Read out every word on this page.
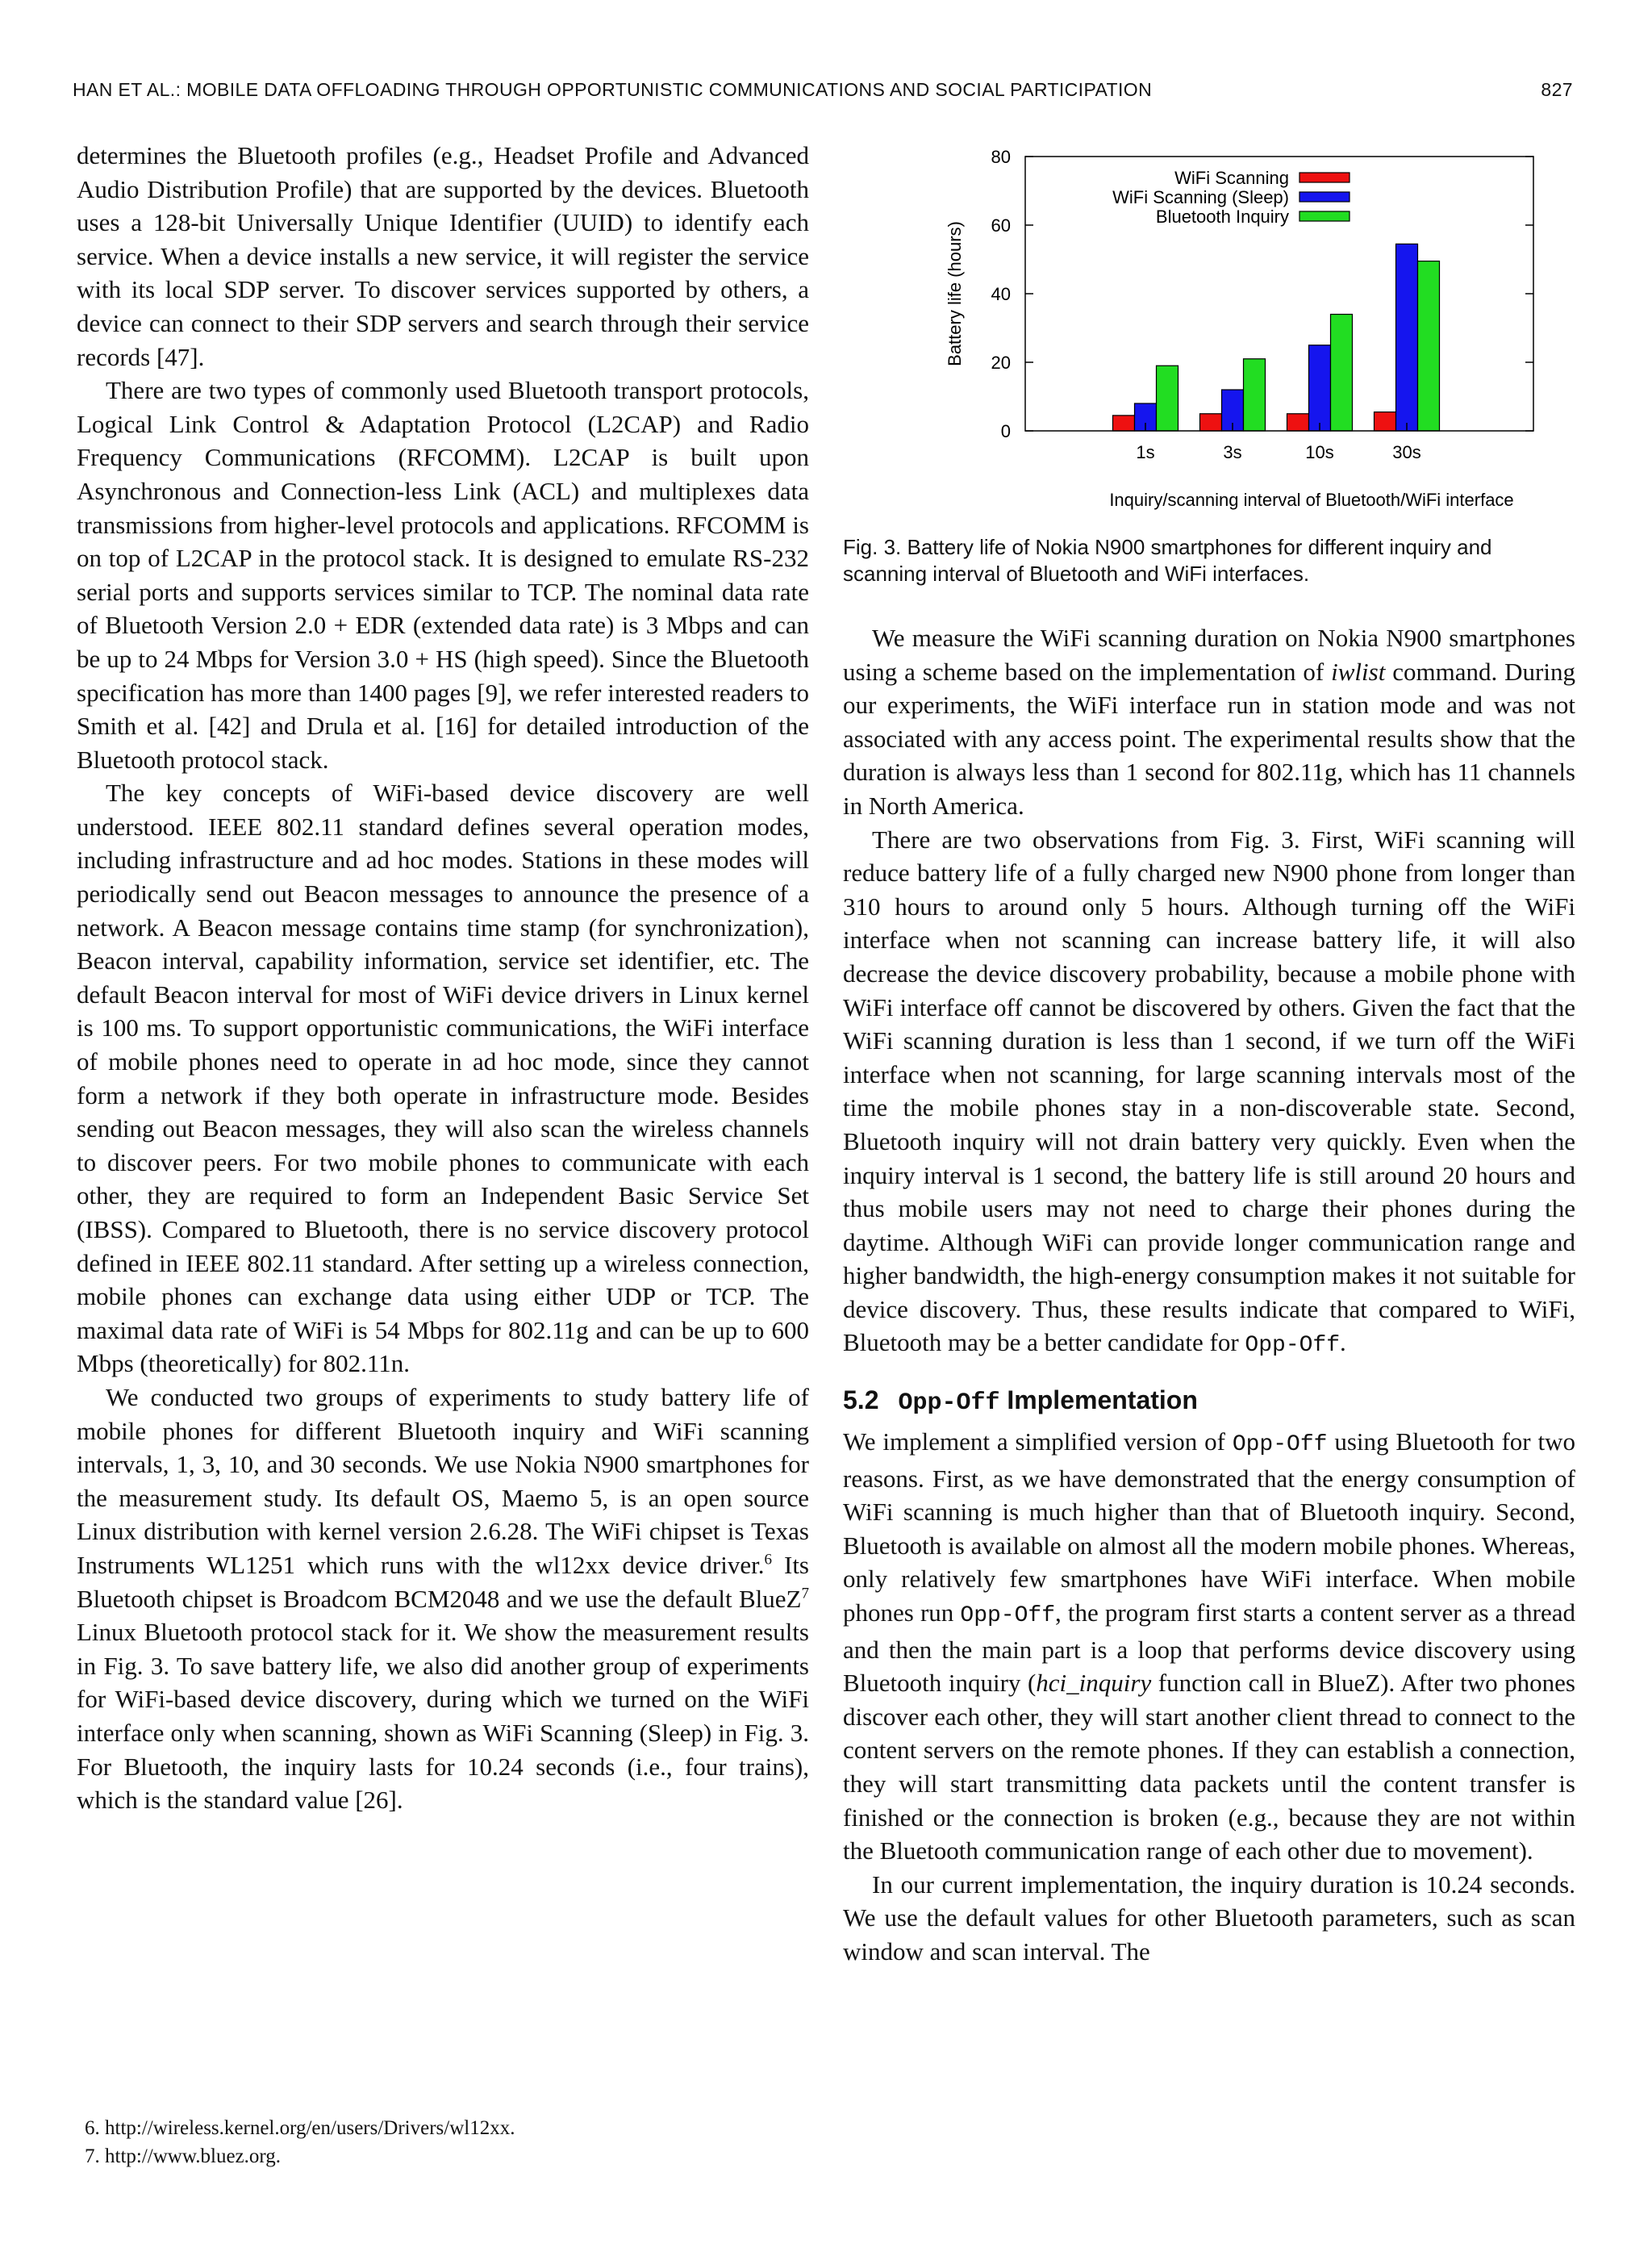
HAN ET AL.: MOBILE DATA OFFLOADING THROUGH OPPORTUNISTIC COMMUNICATIONS AND SOCIAL PARTICIPATION	827

determines the Bluetooth profiles (e.g., Headset Profile and Advanced Audio Distribution Profile) that are supported by the devices. Bluetooth uses a 128-bit Universally Unique Identifier (UUID) to identify each service. When a device installs a new service, it will register the service with its local SDP server. To discover services supported by others, a device can connect to their SDP servers and search through their service records [47].

There are two types of commonly used Bluetooth transport protocols, Logical Link Control & Adaptation Protocol (L2CAP) and Radio Frequency Communications (RFCOMM). L2CAP is built upon Asynchronous and Connection-less Link (ACL) and multiplexes data transmissions from higher-level protocols and applications. RFCOMM is on top of L2CAP in the protocol stack. It is designed to emulate RS-232 serial ports and supports services similar to TCP. The nominal data rate of Bluetooth Version 2.0 + EDR (extended data rate) is 3 Mbps and can be up to 24 Mbps for Version 3.0 + HS (high speed). Since the Bluetooth specification has more than 1400 pages [9], we refer interested readers to Smith et al. [42] and Drula et al. [16] for detailed introduction of the Bluetooth protocol stack.

The key concepts of WiFi-based device discovery are well understood. IEEE 802.11 standard defines several operation modes, including infrastructure and ad hoc modes. Stations in these modes will periodically send out Beacon messages to announce the presence of a network. A Beacon message contains time stamp (for synchronization), Beacon interval, capability information, service set identifier, etc. The default Beacon interval for most of WiFi device drivers in Linux kernel is 100 ms. To support opportunistic communications, the WiFi interface of mobile phones need to operate in ad hoc mode, since they cannot form a network if they both operate in infrastructure mode. Besides sending out Beacon messages, they will also scan the wireless channels to discover peers. For two mobile phones to communicate with each other, they are required to form an Independent Basic Service Set (IBSS). Compared to Bluetooth, there is no service discovery protocol defined in IEEE 802.11 standard. After setting up a wireless connection, mobile phones can exchange data using either UDP or TCP. The maximal data rate of WiFi is 54 Mbps for 802.11g and can be up to 600 Mbps (theoretically) for 802.11n.

We conducted two groups of experiments to study battery life of mobile phones for different Bluetooth inquiry and WiFi scanning intervals, 1, 3, 10, and 30 seconds. We use Nokia N900 smartphones for the measurement study. Its default OS, Maemo 5, is an open source Linux distribution with kernel version 2.6.28. The WiFi chipset is Texas Instruments WL1251 which runs with the wl12xx device driver.$^6$ Its Bluetooth chipset is Broadcom BCM2048 and we use the default BlueZ$^7$ Linux Bluetooth protocol stack for it. We show the measurement results in Fig. 3. To save battery life, we also did another group of experiments for WiFi-based device discovery, during which we turned on the WiFi interface only when scanning, shown as WiFi Scanning (Sleep) in Fig. 3. For Bluetooth, the inquiry lasts for 10.24 seconds (i.e., four trains), which is the standard value [26].

6. http://wireless.kernel.org/en/users/Drivers/wl12xx.
7. http://www.bluez.org.
0
20
40
60
80
1s	3s	10s	30s
WiFi Scanning
WiFi Scanning (Sleep)
Bluetooth Inquiry
Battery life (hours)
Inquiry/scanning interval of Bluetooth/WiFi interface
Fig. 3. Battery life of Nokia N900 smartphones for different inquiry and scanning interval of Bluetooth and WiFi interfaces.

We measure the WiFi scanning duration on Nokia N900 smartphones using a scheme based on the implementation of iwlist command. During our experiments, the WiFi interface run in station mode and was not associated with any access point. The experimental results show that the duration is always less than 1 second for 802.11g, which has 11 channels in North America.

There are two observations from Fig. 3. First, WiFi scanning will reduce battery life of a fully charged new N900 phone from longer than 310 hours to around only 5 hours. Although turning off the WiFi interface when not scanning can increase battery life, it will also decrease the device discovery probability, because a mobile phone with WiFi interface off cannot be discovered by others. Given the fact that the WiFi scanning duration is less than 1 second, if we turn off the WiFi interface when not scanning, for large scanning intervals most of the time the mobile phones stay in a non-discoverable state. Second, Bluetooth inquiry will not drain battery very quickly. Even when the inquiry interval is 1 second, the battery life is still around 20 hours and thus mobile users may not need to charge their phones during the daytime. Although WiFi can provide longer communication range and higher bandwidth, the high-energy consumption makes it not suitable for device discovery. Thus, these results indicate that compared to WiFi, Bluetooth may be a better candidate for Opp-Off.

5.2 Opp-Off Implementation

We implement a simplified version of Opp-Off using Bluetooth for two reasons. First, as we have demonstrated that the energy consumption of WiFi scanning is much higher than that of Bluetooth inquiry. Second, Bluetooth is available on almost all the modern mobile phones. Whereas, only relatively few smartphones have WiFi interface. When mobile phones run Opp-Off, the program first starts a content server as a thread and then the main part is a loop that performs device discovery using Bluetooth inquiry (hci_inquiry function call in BlueZ). After two phones discover each other, they will start another client thread to connect to the content servers on the remote phones. If they can establish a connection, they will start transmitting data packets until the content transfer is finished or the connection is broken (e.g., because they are not within the Bluetooth communication range of each other due to movement).

In our current implementation, the inquiry duration is 10.24 seconds. We use the default values for other Bluetooth parameters, such as scan window and scan interval. The
